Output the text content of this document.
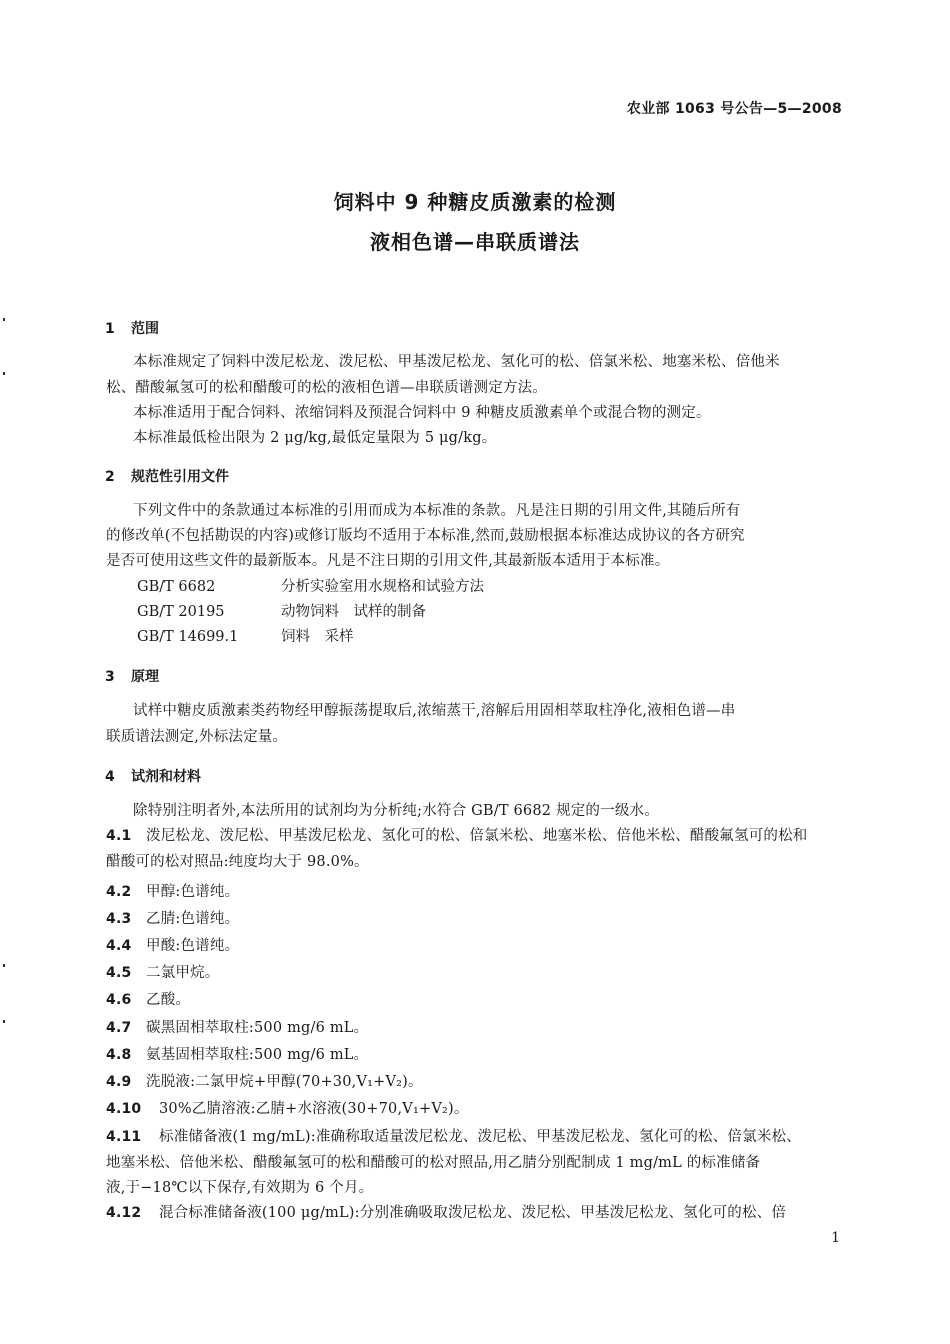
农业部 1063 号公告—5—2008
饲料中 9 种糖皮质激素的检测
液相色谱—串联质谱法
1 范围
本标准规定了饲料中泼尼松龙、泼尼松、甲基泼尼松龙、氢化可的松、倍氯米松、地塞米松、倍他米
松、醋酸氟氢可的松和醋酸可的松的液相色谱—串联质谱测定方法。
本标准适用于配合饲料、浓缩饲料及预混合饲料中 9 种糖皮质激素单个或混合物的测定。
本标准最低检出限为 2 μg/kg,最低定量限为 5 μg/kg。
2 规范性引用文件
下列文件中的条款通过本标准的引用而成为本标准的条款。凡是注日期的引用文件,其随后所有
的修改单(不包括勘误的内容)或修订版均不适用于本标准,然而,鼓励根据本标准达成协议的各方研究
是否可使用这些文件的最新版本。凡是不注日期的引用文件,其最新版本适用于本标准。
GB/T 6682	分析实验室用水规格和试验方法
GB/T 20195	动物饲料　试样的制备
GB/T 14699.1	饲料　采样
3 原理
试样中糖皮质激素类药物经甲醇振荡提取后,浓缩蒸干,溶解后用固相萃取柱净化,液相色谱—串
联质谱法测定,外标法定量。
4 试剂和材料
除特别注明者外,本法所用的试剂均为分析纯;水符合 GB/T 6682 规定的一级水。
4.1 泼尼松龙、泼尼松、甲基泼尼松龙、氢化可的松、倍氯米松、地塞米松、倍他米松、醋酸氟氢可的松和
醋酸可的松对照品:纯度均大于 98.0%。
4.2 甲醇:色谱纯。
4.3 乙腈:色谱纯。
4.4 甲酸:色谱纯。
4.5 二氯甲烷。
4.6 乙酸。
4.7 碳黑固相萃取柱:500 mg/6 mL。
4.8 氨基固相萃取柱:500 mg/6 mL。
4.9 洗脱液:二氯甲烷+甲醇(70+30,V₁+V₂)。
4.10 30%乙腈溶液:乙腈+水溶液(30+70,V₁+V₂)。
4.11 标准储备液(1 mg/mL):准确称取适量泼尼松龙、泼尼松、甲基泼尼松龙、氢化可的松、倍氯米松、
地塞米松、倍他米松、醋酸氟氢可的松和醋酸可的松对照品,用乙腈分别配制成 1 mg/mL 的标准储备
液,于−18℃以下保存,有效期为 6 个月。
4.12 混合标准储备液(100 μg/mL):分别准确吸取泼尼松龙、泼尼松、甲基泼尼松龙、氢化可的松、倍
1
